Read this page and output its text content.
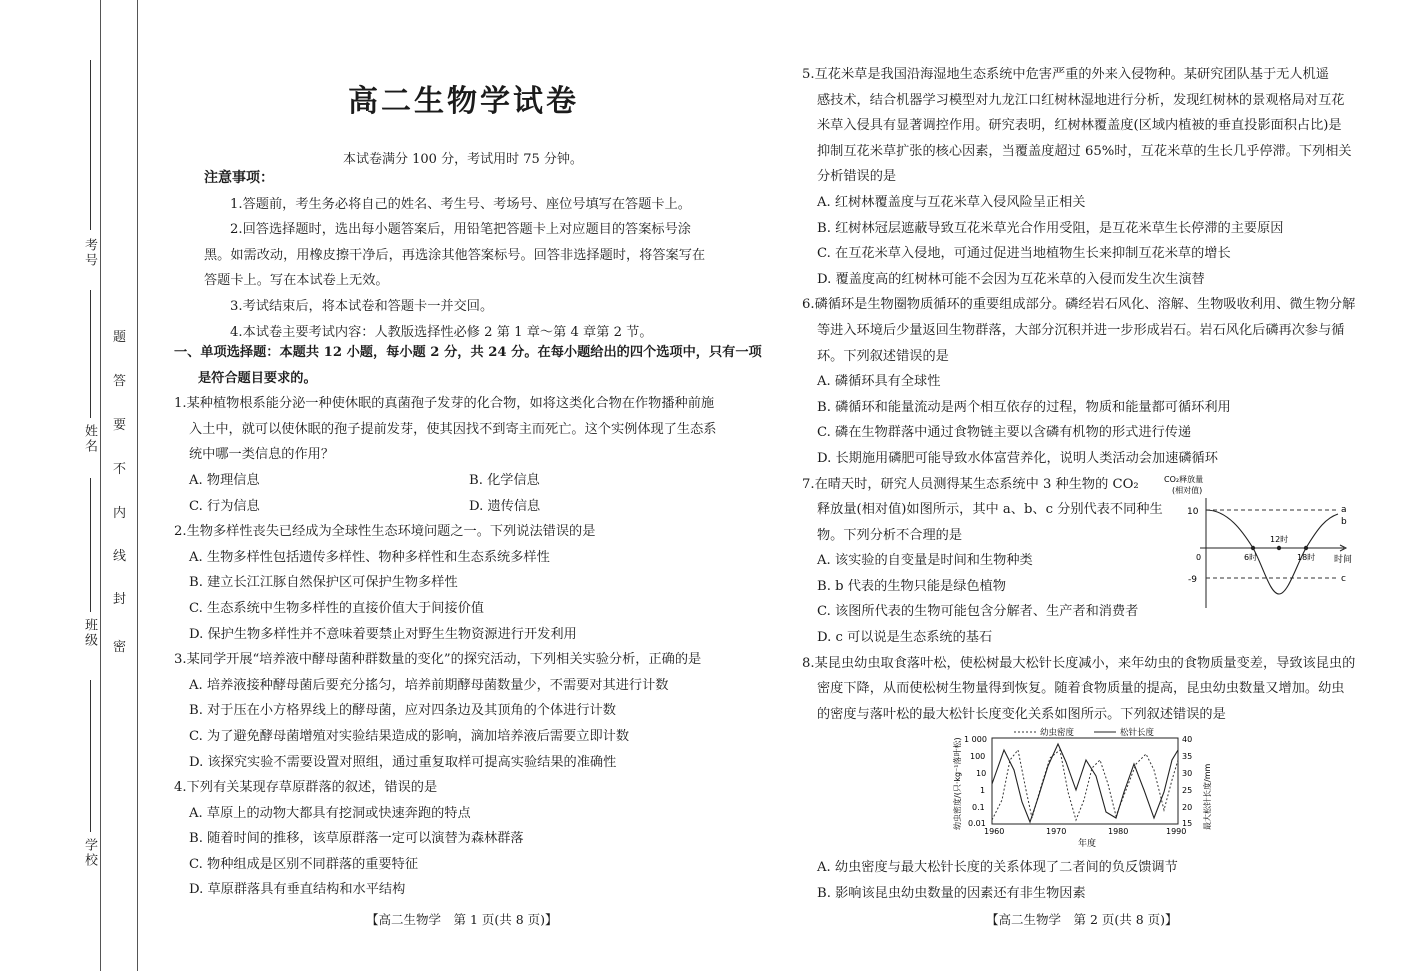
考号
姓名
班级
学校
密
封
线
内
不
要
答
题
高二生物学试卷
本试卷满分 100 分，考试用时 75 分钟。

注意事项：

1.答题前，考生务必将自己的姓名、考生号、考场号、座位号填写在答题卡上。

2.回答选择题时，选出每小题答案后，用铅笔把答题卡上对应题目的答案标号涂

黑。如需改动，用橡皮擦干净后，再选涂其他答案标号。回答非选择题时，将答案写在

答题卡上。写在本试卷上无效。

3.考试结束后，将本试卷和答题卡一并交回。

4.本试卷主要考试内容：人教版选择性必修 2 第 1 章～第 4 章第 2 节。

一、单项选择题：本题共 12 小题，每小题 2 分，共 24 分。在每小题给出的四个选项中，只有一项

是符合题目要求的。

1.某种植物根系能分泌一种使休眠的真菌孢子发芽的化合物，如将这类化合物在作物播种前施

入土中，就可以使休眠的孢子提前发芽，使其因找不到寄主而死亡。这个实例体现了生态系

统中哪一类信息的作用？

A. 物理信息	B. 化学信息

C. 行为信息	D. 遗传信息

2.生物多样性丧失已经成为全球性生态环境问题之一。下列说法错误的是

A. 生物多样性包括遗传多样性、物种多样性和生态系统多样性

B. 建立长江江豚自然保护区可保护生物多样性

C. 生态系统中生物多样性的直接价值大于间接价值

D. 保护生物多样性并不意味着要禁止对野生生物资源进行开发利用

3.某同学开展“培养液中酵母菌种群数量的变化”的探究活动，下列相关实验分析，正确的是

A. 培养液接种酵母菌后要充分搖匀，培养前期酵母菌数量少，不需要对其进行计数

B. 对于压在小方格界线上的酵母菌，应对四条边及其顶角的个体进行计数

C. 为了避免酵母菌增殖对实验结果造成的影响，滴加培养液后需要立即计数

D. 该探究实验不需要设置对照组，通过重复取样可提高实验结果的准确性

4.下列有关某现存草原群落的叙述，错误的是

A. 草原上的动物大都具有挖洞或快速奔跑的特点

B. 随着时间的推移，该草原群落一定可以演替为森林群落

C. 物种组成是区别不同群落的重要特征

D. 草原群落具有垂直结构和水平结构

【高二生物学　第 1 页(共 8 页)】

5.互花米草是我国沿海湿地生态系统中危害严重的外来入侵物种。某研究团队基于无人机遥

感技术，结合机器学习模型对九龙江口红树林湿地进行分析，发现红树林的景观格局对互花

米草入侵具有显著调控作用。研究表明，红树林覆盖度(区域内植被的垂直投影面积占比)是

抑制互花米草扩张的核心因素，当覆盖度超过 65%时，互花米草的生长几乎停滞。下列相关

分析错误的是

A. 红树林覆盖度与互花米草入侵风险呈正相关

B. 红树林冠层遮蔽导致互花米草光合作用受阻，是互花米草生长停滞的主要原因

C. 在互花米草入侵地，可通过促进当地植物生长来抑制互花米草的增长

D. 覆盖度高的红树林可能不会因为互花米草的入侵而发生次生演替

6.磷循环是生物圈物质循环的重要组成部分。磷经岩石风化、溶解、生物吸收利用、微生物分解

等进入环境后少量返回生物群落，大部分沉积并进一步形成岩石。岩石风化后磷再次参与循

环。下列叙述错误的是

A. 磷循环具有全球性

B. 磷循环和能量流动是两个相互依存的过程，物质和能量都可循环利用

C. 磷在生物群落中通过食物链主要以含磷有机物的形式进行传递

D. 长期施用磷肥可能导致水体富营养化，说明人类活动会加速磷循环

7.在晴天时，研究人员测得某生态系统中 3 种生物的 CO₂

释放量(相对值)如图所示，其中 a、b、c 分别代表不同种生

物。下列分析不合理的是

A. 该实验的自变量是时间和生物种类

B. b 代表的生物只能是绿色植物

C. 该图所代表的生物可能包含分解者、生产者和消费者

D. c 可以说是生态系统的基石

8.某昆虫幼虫取食落叶松，使松树最大松针长度减小，来年幼虫的食物质量变差，导致该昆虫的

密度下降，从而使松树生物量得到恢复。随着食物质量的提高，昆虫幼虫数量又增加。幼虫

的密度与落叶松的最大松针长度变化关系如图所示。下列叙述错误的是

A. 幼虫密度与最大松针长度的关系体现了二者间的负反馈调节

B. 影响该昆虫幼虫数量的因素还有非生物因素

CO₂释放量
(相对值)
10
-9
0	6时
12时
18时 时间
a
b
c
幼虫密度	松针长度
幼虫密度/(只·kg⁻¹落叶松)	最大松针长度/mm
1 000
100
10
1
0.1
0.01
40
35
30
25
20
15
1960	1970	1980	1990
年度
【高二生物学　第 2 页(共 8 页)】
